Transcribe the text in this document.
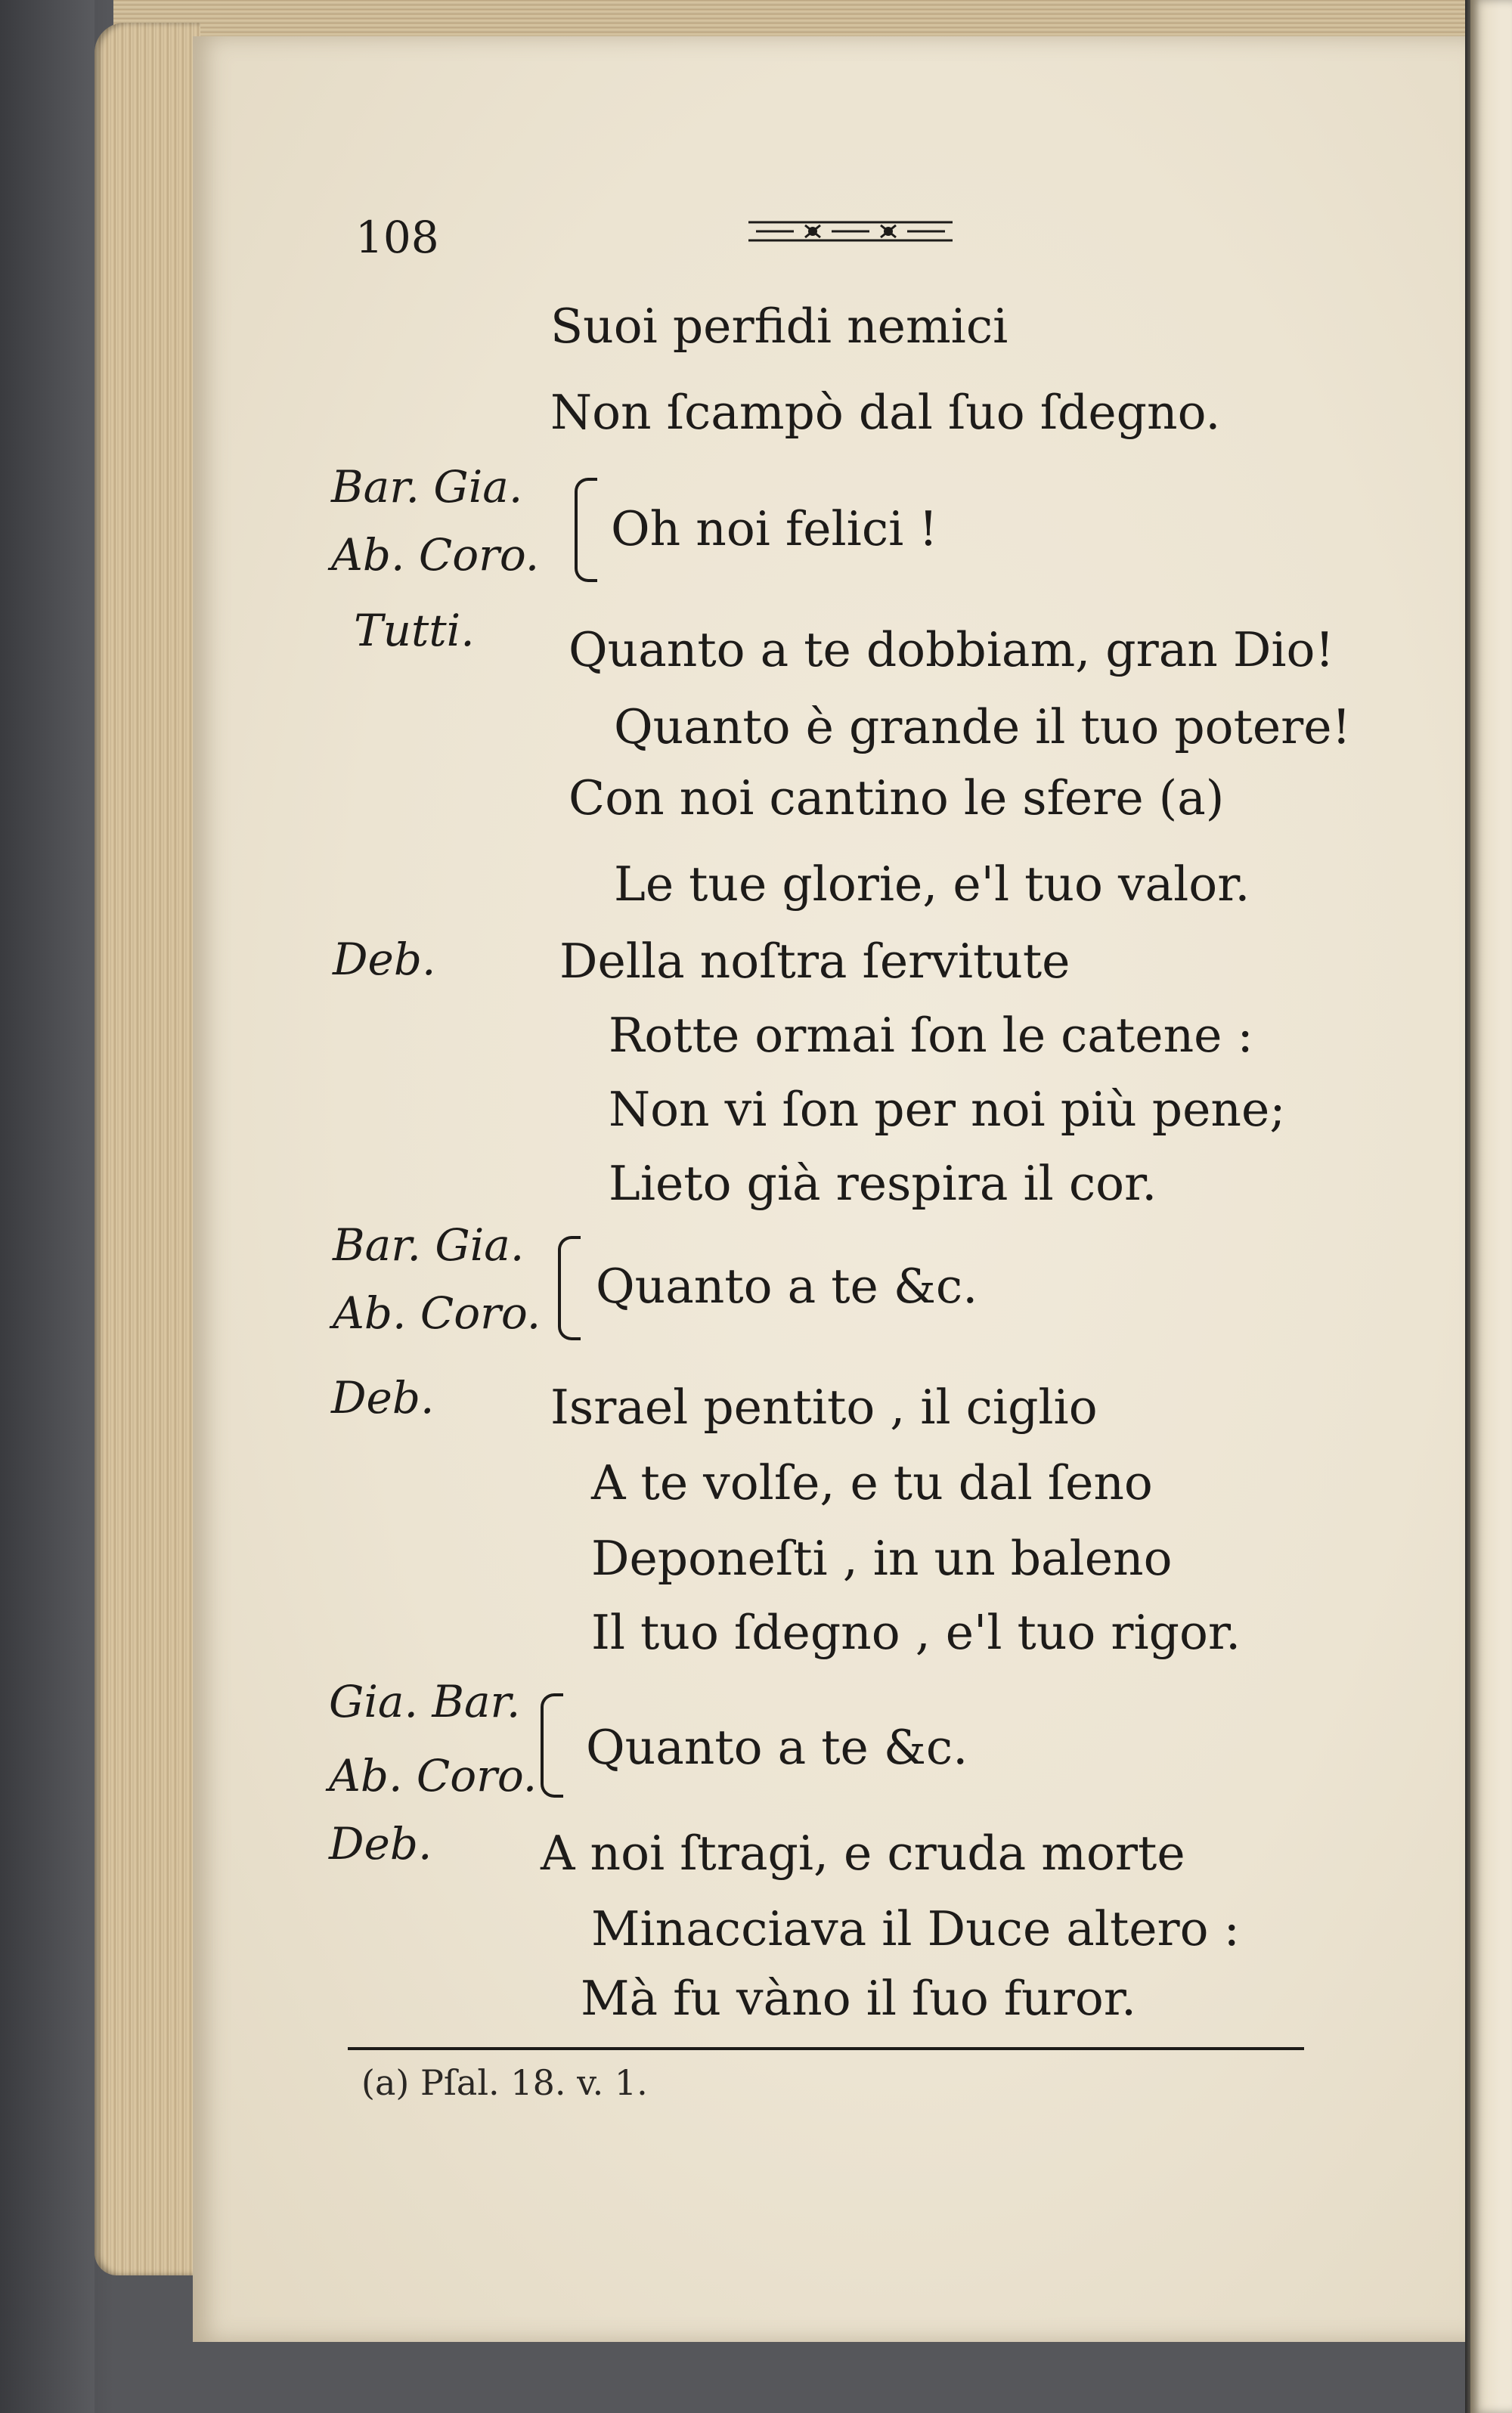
108
Suoi perfidi nemici
Non ſcampò dal ſuo ſdegno.
Bar. Gia.
Ab. Coro. Oh noi felici !
Tutti. Quanto a te dobbiam, gran Dio!
Quanto è grande il tuo potere!
Con noi cantino le sfere (a)
Le tue glorie, e'l tuo valor.
Deb.	Della noſtra ſervitute
Rotte ormai ſon le catene :
Non vi ſon per noi più pene;
Lieto già respira il cor.
Bar. Gia.
Ab. Coro. Quanto a te &c.
Deb. Israel pentito , il ciglio
A te volſe, e tu dal ſeno
Deponeſti , in un baleno
Il tuo ſdegno , e'l tuo rigor.
Gia. Bar.
Ab. Coro.
Quanto a te &c.
Deb. A noi ſtragi, e cruda morte
Minacciava il Duce altero :
Mà fu vàno il ſuo furor.
(a) Pſal. 18. v. 1.
